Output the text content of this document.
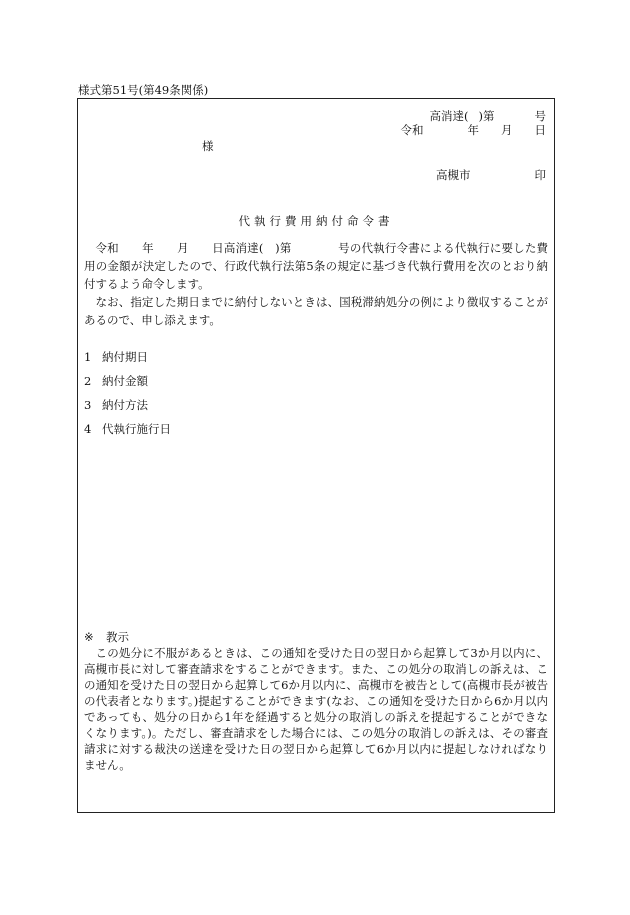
様式第51号(第49条関係)
高消達( )第	号
令和	年 月 日
様
高槻市	印
代執行費用納付命令書

令和　　年　　月　　日高消達(　)第　　　　号の代執行令書による代執行に要した費用の金額が決定したので、行政代執行法第5条の規定に基づき代執行費用を次のとおり納付するよう命令します。

なお、指定した期日までに納付しないときは、国税滞納処分の例により徴収することがあるので、申し添えます。

1 納付期日
2 納付金額
3 納付方法
4 代執行施行日

※ 教示

この処分に不服があるときは、この通知を受けた日の翌日から起算して3か月以内に、高槻市長に対して審査請求をすることができます。また、この処分の取消しの訴えは、この通知を受けた日の翌日から起算して6か月以内に、高槻市を被告として(高槻市長が被告の代表者となります。)提起することができます(なお、この通知を受けた日から6か月以内であっても、処分の日から1年を経過すると処分の取消しの訴えを提起することができなくなります。)。ただし、審査請求をした場合には、この処分の取消しの訴えは、その審査請求に対する裁決の送達を受けた日の翌日から起算して6か月以内に提起しなければなりません。
